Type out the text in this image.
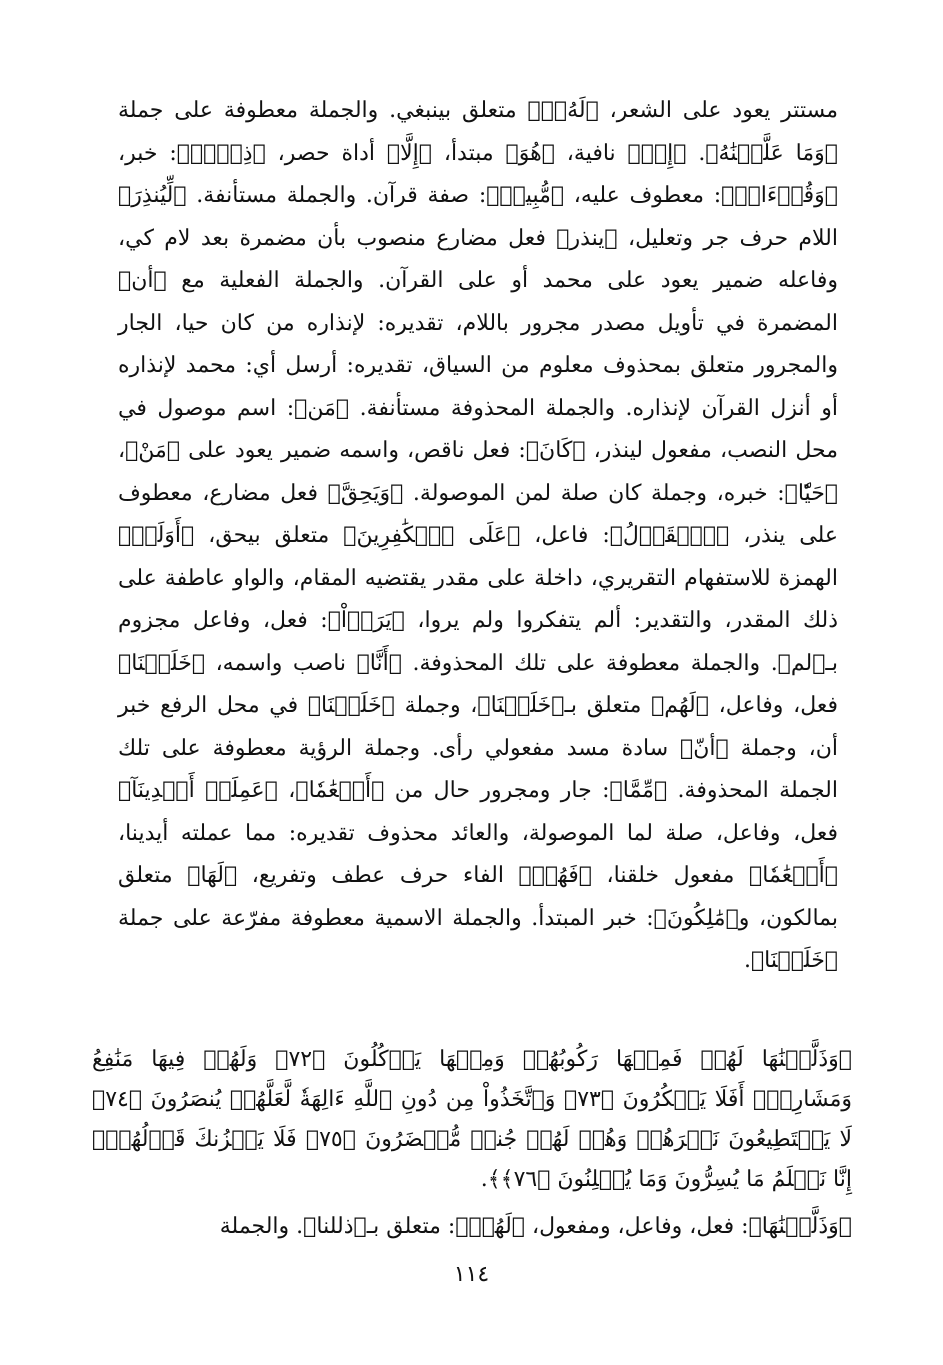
مستتر يعود على الشعر، ﴿لَهُۥٓ﴾ متعلق بينبغي. والجملة معطوفة على جملة ﴿وَمَا عَلَّمۡنَٰهُ﴾. ﴿إِنۡ﴾ نافية، ﴿هُوَ﴾ مبتدأ، ﴿إِلَّا﴾ أداة حصر، ﴿ذِكۡرٞ﴾: خبر، ﴿وَقُرۡءَانٞ﴾: معطوف عليه، ﴿مُّبِينٞ﴾: صفة قرآن. والجملة مستأنفة. ﴿لِّيُنذِرَ﴾ اللام حرف جر وتعليل، ﴿ينذر﴾ فعل مضارع منصوب بأن مضمرة بعد لام كي، وفاعله ضمير يعود على محمد أو على القرآن. والجملة الفعلية مع ﴿أن﴾ المضمرة في تأويل مصدر مجرور باللام، تقديره: لإنذاره من كان حيا، الجار والمجرور متعلق بمحذوف معلوم من السياق، تقديره: أرسل أي: محمد لإنذاره أو أنزل القرآن لإنذاره. والجملة المحذوفة مستأنفة. ﴿مَن﴾: اسم موصول في محل النصب، مفعول لينذر، ﴿كَانَ﴾: فعل ناقص، واسمه ضمير يعود على ﴿مَنْ﴾، ﴿حَيّٗا﴾: خبره، وجملة كان صلة لمن الموصولة. ﴿وَيَحِقَّ﴾ فعل مضارع، معطوف على ينذر، ﴿ٱلۡقَوۡلُ﴾: فاعل، ﴿عَلَى ٱلۡكَٰفِرِينَ﴾ متعلق بيحق، ﴿أَوَلَمۡ﴾ الهمزة للاستفهام التقريري، داخلة على مقدر يقتضيه المقام، والواو عاطفة على ذلك المقدر، والتقدير: ألم يتفكروا ولم يروا، ﴿يَرَوۡاْ﴾: فعل، وفاعل مجزوم بـ﴿لم﴾. والجملة معطوفة على تلك المحذوفة. ﴿أَنَّا﴾ ناصب واسمه، ﴿خَلَقۡنَا﴾ فعل، وفاعل، ﴿لَهُم﴾ متعلق بـ﴿خَلَقۡنَا﴾، وجملة ﴿خَلَقۡنَا﴾ في محل الرفع خبر أن، وجملة ﴿أنّ﴾ سادة مسد مفعولي رأى. وجملة الرؤية معطوفة على تلك الجملة المحذوفة. ﴿مِّمَّا﴾: جار ومجرور حال من ﴿أَنۡعَٰمٗا﴾، ﴿عَمِلَتۡ أَيۡدِينَآ﴾ فعل، وفاعل، صلة لما الموصولة، والعائد محذوف تقديره: مما عملته أيدينا، ﴿أَنۡعَٰمٗا﴾ مفعول خلقنا، ﴿فَهُمۡ﴾ الفاء حرف عطف وتفريع، ﴿لَهَا﴾ متعلق بمالكون، و﴿مَٰلِكُونَ﴾: خبر المبتدأ. والجملة الاسمية معطوفة مفرّعة على جملة ﴿خَلَقۡنَا﴾.

﴿وَذَلَّلۡنَٰهَا لَهُمۡ فَمِنۡهَا رَكُوبُهُمۡ وَمِنۡهَا يَأۡكُلُونَ ﴿٧٢﴾ وَلَهُمۡ فِيهَا مَنَٰفِعُ وَمَشَارِبُۚ أَفَلَا يَشۡكُرُونَ ﴿٧٣﴾ وَٱتَّخَذُواْ مِن دُونِ ٱللَّهِ ءَالِهَةٗ لَّعَلَّهُمۡ يُنصَرُونَ ﴿٧٤﴾ لَا يَسۡتَطِيعُونَ نَصۡرَهُمۡ وَهُمۡ لَهُمۡ جُندٞ مُّحۡضَرُونَ ﴿٧٥﴾ فَلَا يَحۡزُنكَ قَوۡلُهُمۡۘ إِنَّا نَعۡلَمُ مَا يُسِرُّونَ وَمَا يُعۡلِنُونَ ﴿٧٦﴾﴾.

﴿وَذَلَّلۡنَٰهَا﴾: فعل، وفاعل، ومفعول، ﴿لَهُمۡ﴾: متعلق بـ﴿ذللنا﴾. والجملة

١١٤
